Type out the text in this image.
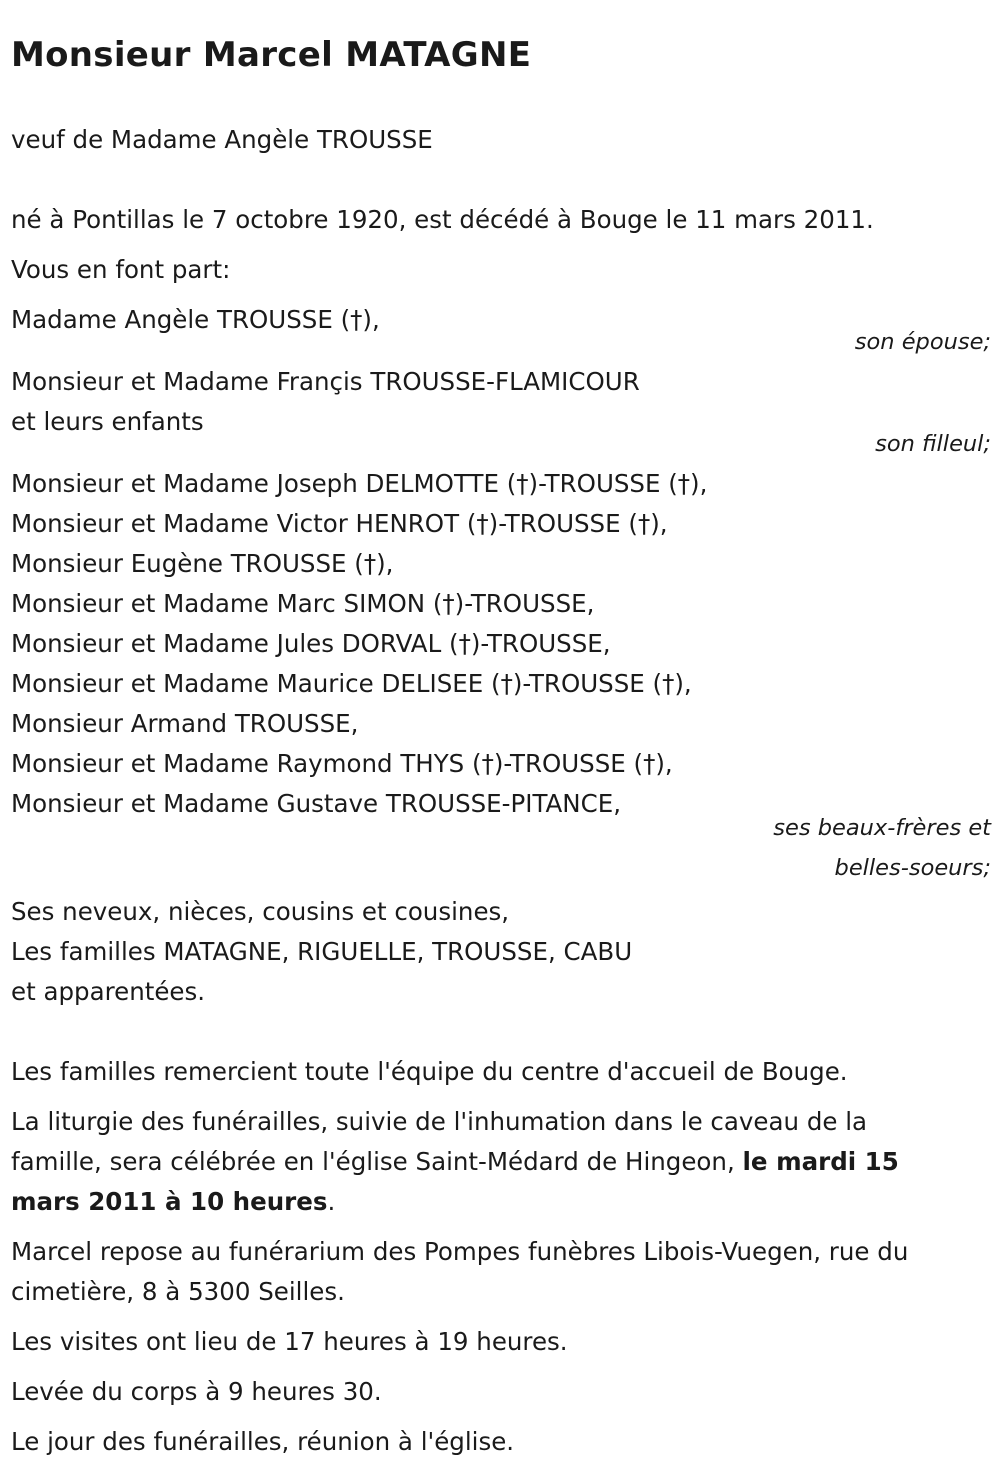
Monsieur Marcel MATAGNE
veuf de Madame Angèle TROUSSE
né à Pontillas le 7 octobre 1920, est décédé à Bouge le 11 mars 2011.
Vous en font part:
Madame Angèle TROUSSE (†),
son épouse;
Monsieur et Madame Françis TROUSSE-FLAMICOUR
et leurs enfants
son filleul;
Monsieur et Madame Joseph DELMOTTE (†)-TROUSSE (†),
Monsieur et Madame Victor HENROT (†)-TROUSSE (†),
Monsieur Eugène TROUSSE (†),
Monsieur et Madame Marc SIMON (†)-TROUSSE,
Monsieur et Madame Jules DORVAL (†)-TROUSSE,
Monsieur et Madame Maurice DELISEE (†)-TROUSSE (†),
Monsieur Armand TROUSSE,
Monsieur et Madame Raymond THYS (†)-TROUSSE (†),
Monsieur et Madame Gustave TROUSSE-PITANCE,
ses beaux-frères et
belles-soeurs;
Ses neveux, nièces, cousins et cousines,
Les familles MATAGNE, RIGUELLE, TROUSSE, CABU
et apparentées.
Les familles remercient toute l'équipe du centre d'accueil de Bouge.
La liturgie des funérailles, suivie de l'inhumation dans le caveau de la famille, sera célébrée en l'église Saint-Médard de Hingeon, le mardi 15 mars 2011 à 10 heures.
Marcel repose au funérarium des Pompes funèbres Libois-Vuegen, rue du cimetière, 8 à 5300 Seilles.
Les visites ont lieu de 17 heures à 19 heures.
Levée du corps à 9 heures 30.
Le jour des funérailles, réunion à l'église.
